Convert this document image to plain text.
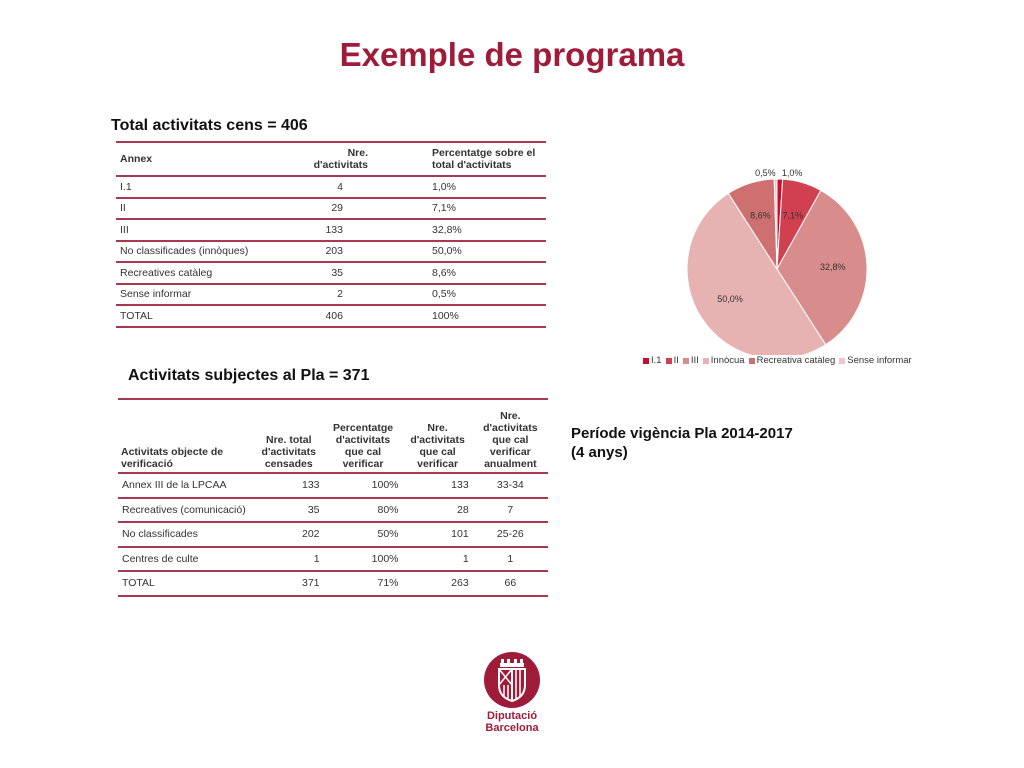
Exemple de programa
Total activitats cens = 406
Annex	Nre. d'activitats	Percentatge sobre el total d'activitats
I.1	4	1,0%
II	29	7,1%
III	133	32,8%
No classificades (innòques)	203	50,0%
Recreatives catàleg	35	8,6%
Sense informar	2	0,5%
TOTAL	406	100%
Activitats subjectes al Pla = 371
Activitats objecte de verificació	Nre. total d'activitats censades	Percentatge d'activitats que cal verificar	Nre. d'activitats que cal verificar	Nre. d'activitats que cal verificar anualment
Annex III de la LPCAA	133	100%	133	33-34
Recreatives (comunicació)	35	80%	28	7
No classificades	202	50%	101	25-26
Centres de culte	1	100%	1	1
TOTAL	371	71%	263	66
1,0%
7,1%
32,8%
50,0%
8,6%
0,5%
I.1 II III Innòcua Recreativa catàleg Sense informar
Període vigència Pla 2014-2017
(4 anys)
Diputació
Barcelona
